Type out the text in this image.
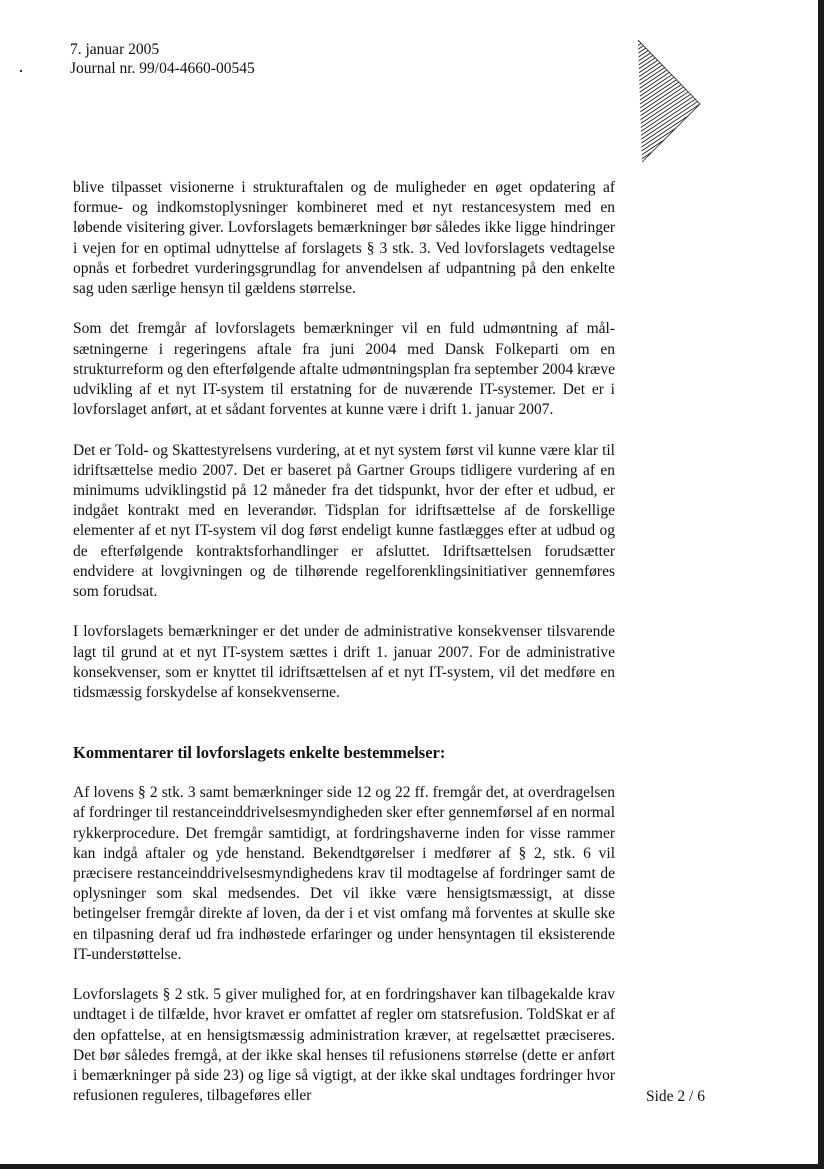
7. januar 2005
Journal nr. 99/04-4660-00545

blive tilpasset visionerne i strukturaftalen og de muligheder en øget opdatering af formue- og indkomstoplysninger kombineret med et nyt restancesystem med en løbende visitering giver. Lovforslagets bemærkninger bør således ikke ligge hindringer i vejen for en optimal udnyttelse af forslagets § 3 stk. 3. Ved lovforslagets vedtagelse opnås et forbedret vurderingsgrundlag for anvendelsen af udpantning på den enkelte sag uden særlige hensyn til gældens størrelse.

Som det fremgår af lovforslagets bemærkninger vil en fuld udmøntning af målsætningerne i regeringens aftale fra juni 2004 med Dansk Folkeparti om en strukturreform og den efterfølgende aftalte udmøntningsplan fra september 2004 kræve udvikling af et nyt IT-system til erstatning for de nuværende IT-systemer. Det er i lovforslaget anført, at et sådant forventes at kunne være i drift 1. januar 2007.

Det er Told- og Skattestyrelsens vurdering, at et nyt system først vil kunne være klar til idriftsættelse medio 2007. Det er baseret på Gartner Groups tidligere vurdering af en minimums udviklingstid på 12 måneder fra det tidspunkt, hvor der efter et udbud, er indgået kontrakt med en leverandør. Tidsplan for idriftsættelse af de forskellige elementer af et nyt IT-system vil dog først endeligt kunne fastlægges efter at udbud og de efterfølgende kontraktsforhandlinger er afsluttet. Idriftsættelsen forudsætter endvidere at lovgivningen og de tilhørende regelforenklingsinitiativer gennemføres som forudsat.

I lovforslagets bemærkninger er det under de administrative konsekvenser tilsvarende lagt til grund at et nyt IT-system sættes i drift 1. januar 2007. For de administrative konsekvenser, som er knyttet til idriftsættelsen af et nyt IT-system, vil det medføre en tidsmæssig forskydelse af konsekvenserne.

Kommentarer til lovforslagets enkelte bestemmelser:

Af lovens § 2 stk. 3 samt bemærkninger side 12 og 22 ff. fremgår det, at overdragelsen af fordringer til restanceinddrivelsesmyndigheden sker efter gennemførsel af en normal rykkerprocedure. Det fremgår samtidigt, at fordringshaverne inden for visse rammer kan indgå aftaler og yde henstand. Bekendtgørelser i medfører af § 2, stk. 6 vil præcisere restanceinddrivelsesmyndighedens krav til modtagelse af fordringer samt de oplysninger som skal medsendes. Det vil ikke være hensigtsmæssigt, at disse betingelser fremgår direkte af loven, da der i et vist omfang må forventes at skulle ske en tilpasning deraf ud fra indhøstede erfaringer og under hensyntagen til eksisterende IT-understøttelse.

Lovforslagets § 2 stk. 5 giver mulighed for, at en fordringshaver kan tilbagekalde krav undtaget i de tilfælde, hvor kravet er omfattet af regler om statsrefusion. ToldSkat er af den opfattelse, at en hensigtsmæssig administration kræver, at regelsættet præciseres. Det bør således fremgå, at der ikke skal henses til refusionens størrelse (dette er anført i bemærkninger på side 23) og lige så vigtigt, at der ikke skal undtages fordringer hvor refusionen reguleres, tilbageføres eller	Side 2 / 6
